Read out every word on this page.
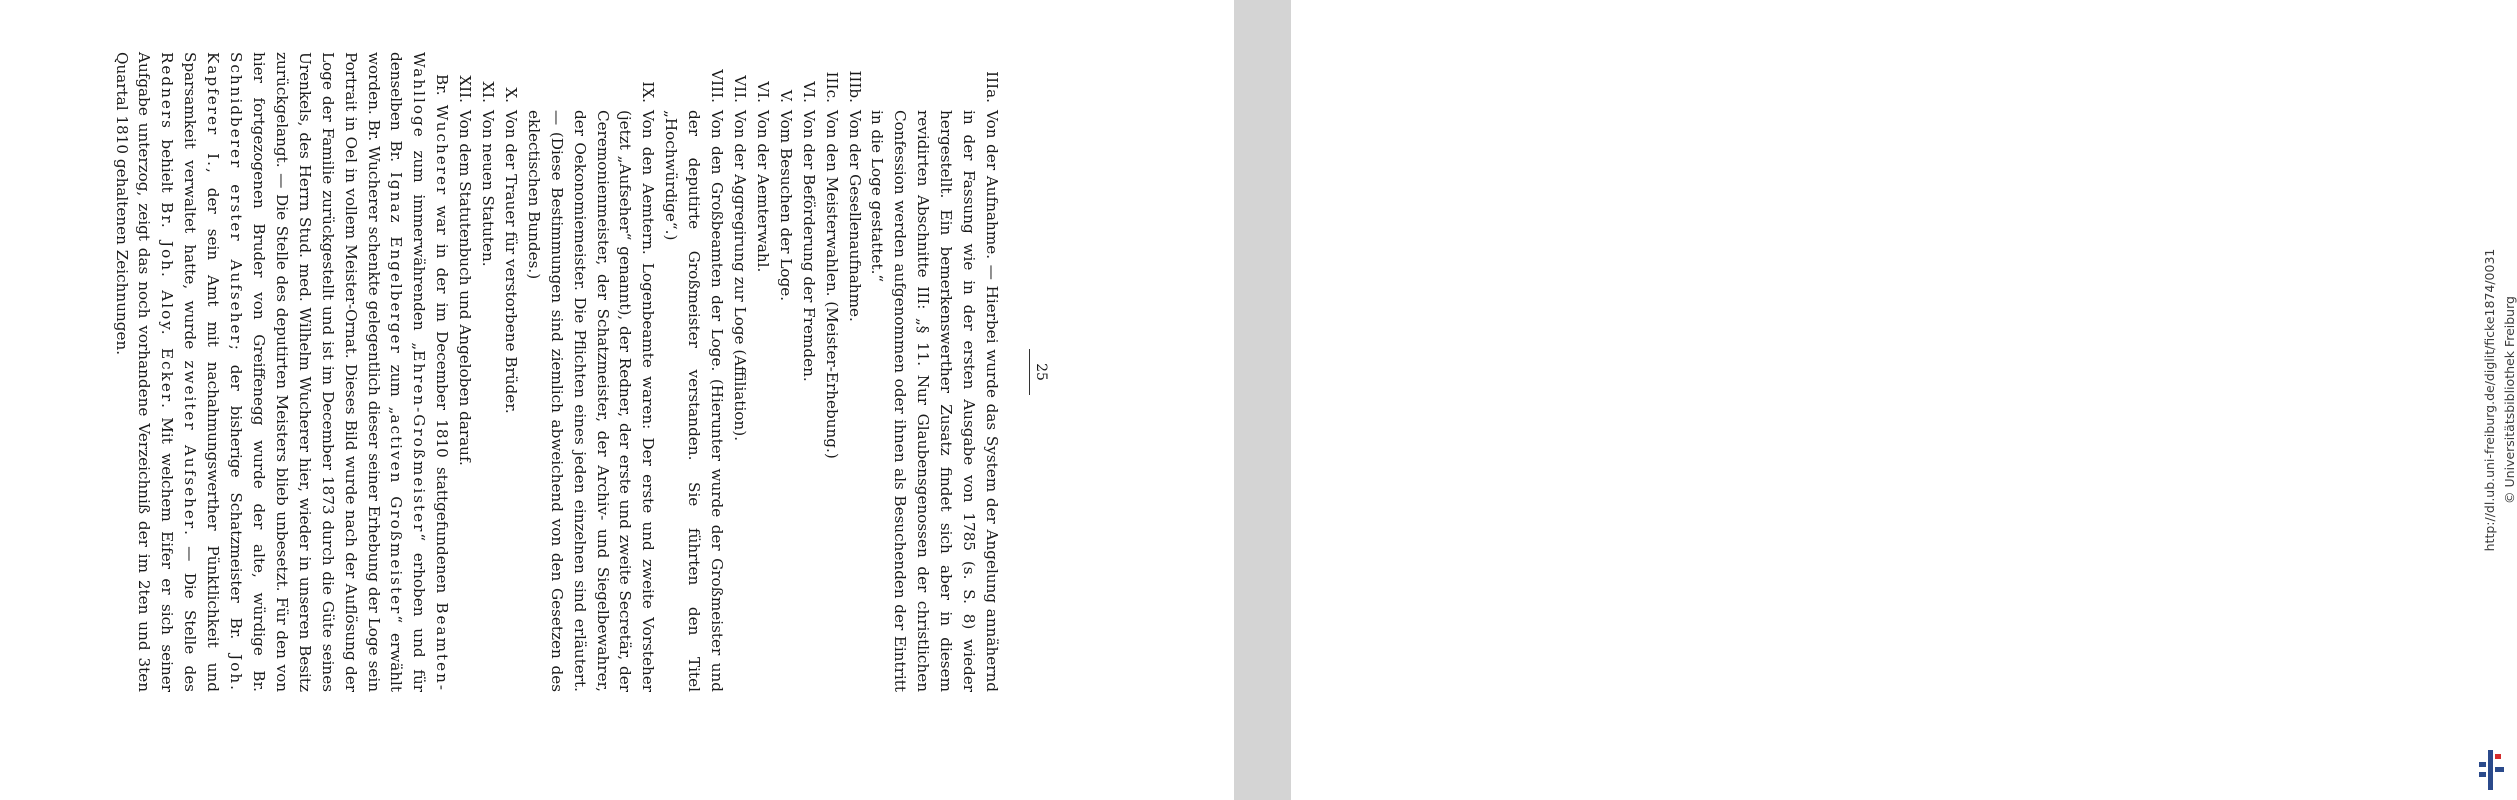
25
IIIa.
Von der Aufnahme. — Hierbei wurde das System der Angelung annähernd in der Fassung wie in der ersten Ausgabe von 1785 (s. S. 8) wieder hergestellt. Ein bemerkenswerther Zusatz findet sich aber in diesem revidirten Abschnitte III: „§ 11. Nur Glaubensgenossen der christlichen Confession werden aufgenommen oder ihnen als Besuchenden der Eintritt in die Loge gestattet.“
IIIb.
Von der Gesellenaufnahme.
IIIc.
Von den Meisterwahlen. (Meister-Erhebung.)
VI.
Von der Beförderung der Fremden.
V.
Vom Besuchen der Loge.
VI.
Von der Aemterwahl.
VII.
Von der Aggregirung zur Loge (Affiliation).
VIII.
Von den Großbeamten der Loge. (Hierunter wurde der Großmeister und der deputirte Großmeister verstanden. Sie führten den Titel „Hochwürdige“.)
IX.
Von den Aemtern. Logenbeamte waren: Der erste und zweite Vorsteher (jetzt „Aufseher“ genannt), der Redner, der erste und zweite Secretär, der Ceremonienmeister, der Schatzmeister, der Archiv- und Siegelbewahrer, der Oekonomiemeister. Die Pflichten eines jeden einzelnen sind erläutert. — (Diese Bestimmungen sind ziemlich abweichend von den Gesetzen des eklectischen Bundes.)
X.
Von der Trauer für verstorbene Brüder.
XI.
Von neuen Statuten.
XII.
Von dem Statutenbuch und Angeloben darauf.

Br. Wucherer war in der im December 1810 stattgefundenen Beamten-Wahlloge zum immerwährenden „Ehren-Großmeister“ erhoben und für denselben Br. Ignaz Engelberger zum „activen Großmeister“ erwählt worden. Br. Wucherer schenkte gelegentlich dieser seiner Erhebung der Loge sein Portrait in Oel in vollem Meister-Ornat. Dieses Bild wurde nach der Auflösung der Loge der Familie zurückgestellt und ist im December 1873 durch die Güte seines Urenkels, des Herrn Stud. med. Wilhelm Wucherer hier, wieder in unseren Besitz zurückgelangt. — Die Stelle des deputirten Meisters blieb unbesetzt. Für den von hier fortgezogenen Bruder von Greiffenegg wurde der alte, würdige Br. Schnidberer erster Aufseher; der bisherige Schatzmeister Br. Joh. Kapferer I., der sein Amt mit nachahmungswerther Pünktlichkeit und Sparsamkeit verwaltet hatte, wurde zweiter Aufseher. — Die Stelle des Redners behielt Br. Joh. Aloy. Ecker. Mit welchem Eifer er sich seiner Aufgabe unterzog, zeigt das noch vorhandene Verzeichniß der im 2ten und 3ten Quartal 1810 gehaltenen Zeichnungen.

http://dl.ub.uni-freiburg.de/diglit/ficke1874/0031 © Universitätsbibliothek Freiburg
